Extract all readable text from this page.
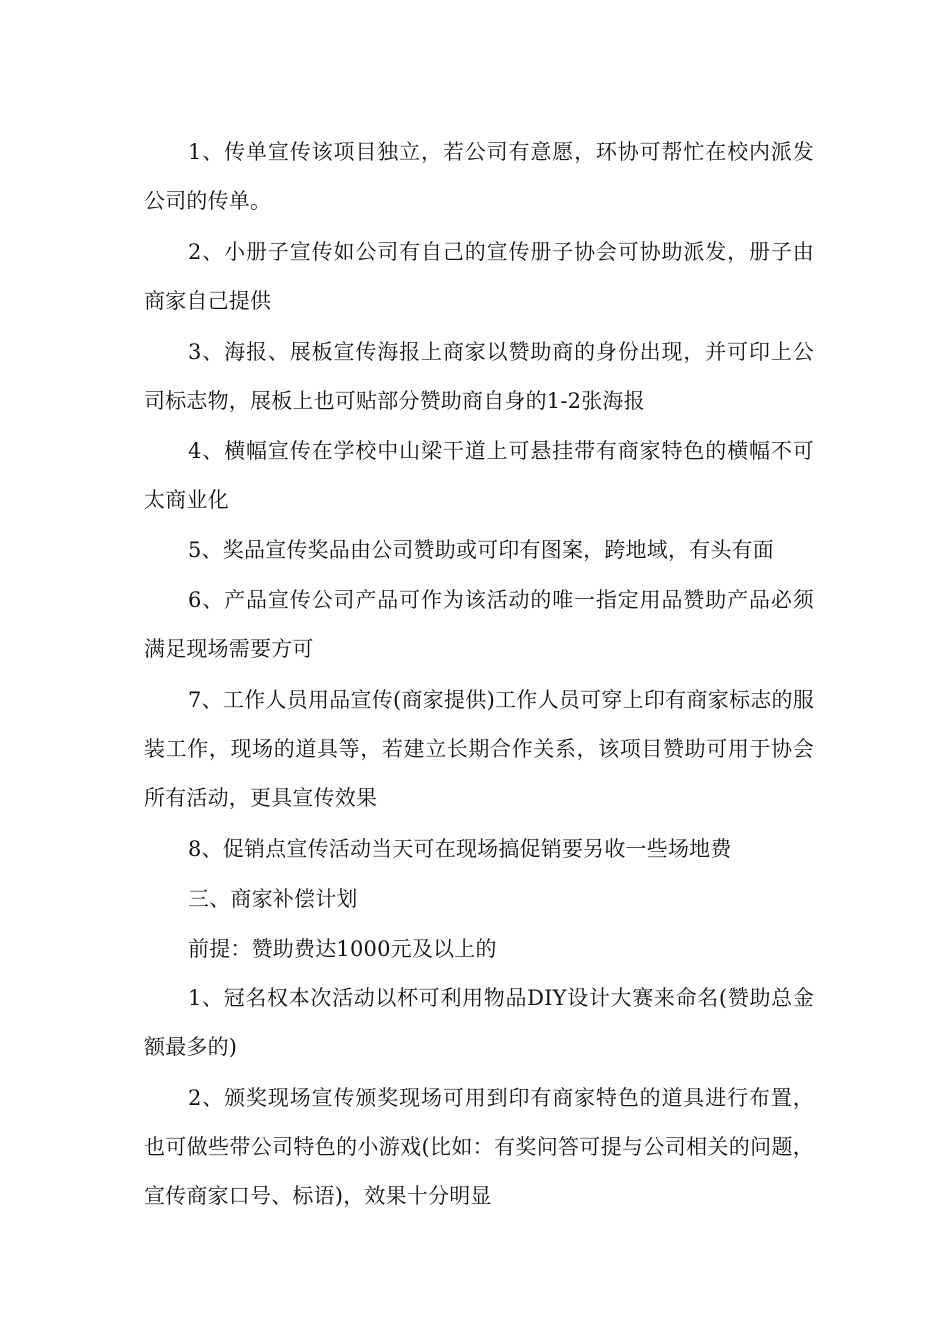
1、传单宣传该项目独立，若公司有意愿，环协可帮忙在校内派发公司的传单。

2、小册子宣传如公司有自己的宣传册子协会可协助派发，册子由商家自己提供

3、海报、展板宣传海报上商家以赞助商的身份出现，并可印上公司标志物，展板上也可贴部分赞助商自身的1-2张海报

4、横幅宣传在学校中山梁干道上可悬挂带有商家特色的横幅不可太商业化

5、奖品宣传奖品由公司赞助或可印有图案，跨地域，有头有面

6、产品宣传公司产品可作为该活动的唯一指定用品赞助产品必须满足现场需要方可

7、工作人员用品宣传(商家提供)工作人员可穿上印有商家标志的服装工作，现场的道具等，若建立长期合作关系，该项目赞助可用于协会所有活动，更具宣传效果

8、促销点宣传活动当天可在现场搞促销要另收一些场地费

三、商家补偿计划

前提：赞助费达1000元及以上的

1、冠名权本次活动以杯可利用物品DIY设计大赛来命名(赞助总金额最多的)

2、颁奖现场宣传颁奖现场可用到印有商家特色的道具进行布置，也可做些带公司特色的小游戏(比如：有奖问答可提与公司相关的问题，宣传商家口号、标语)，效果十分明显
